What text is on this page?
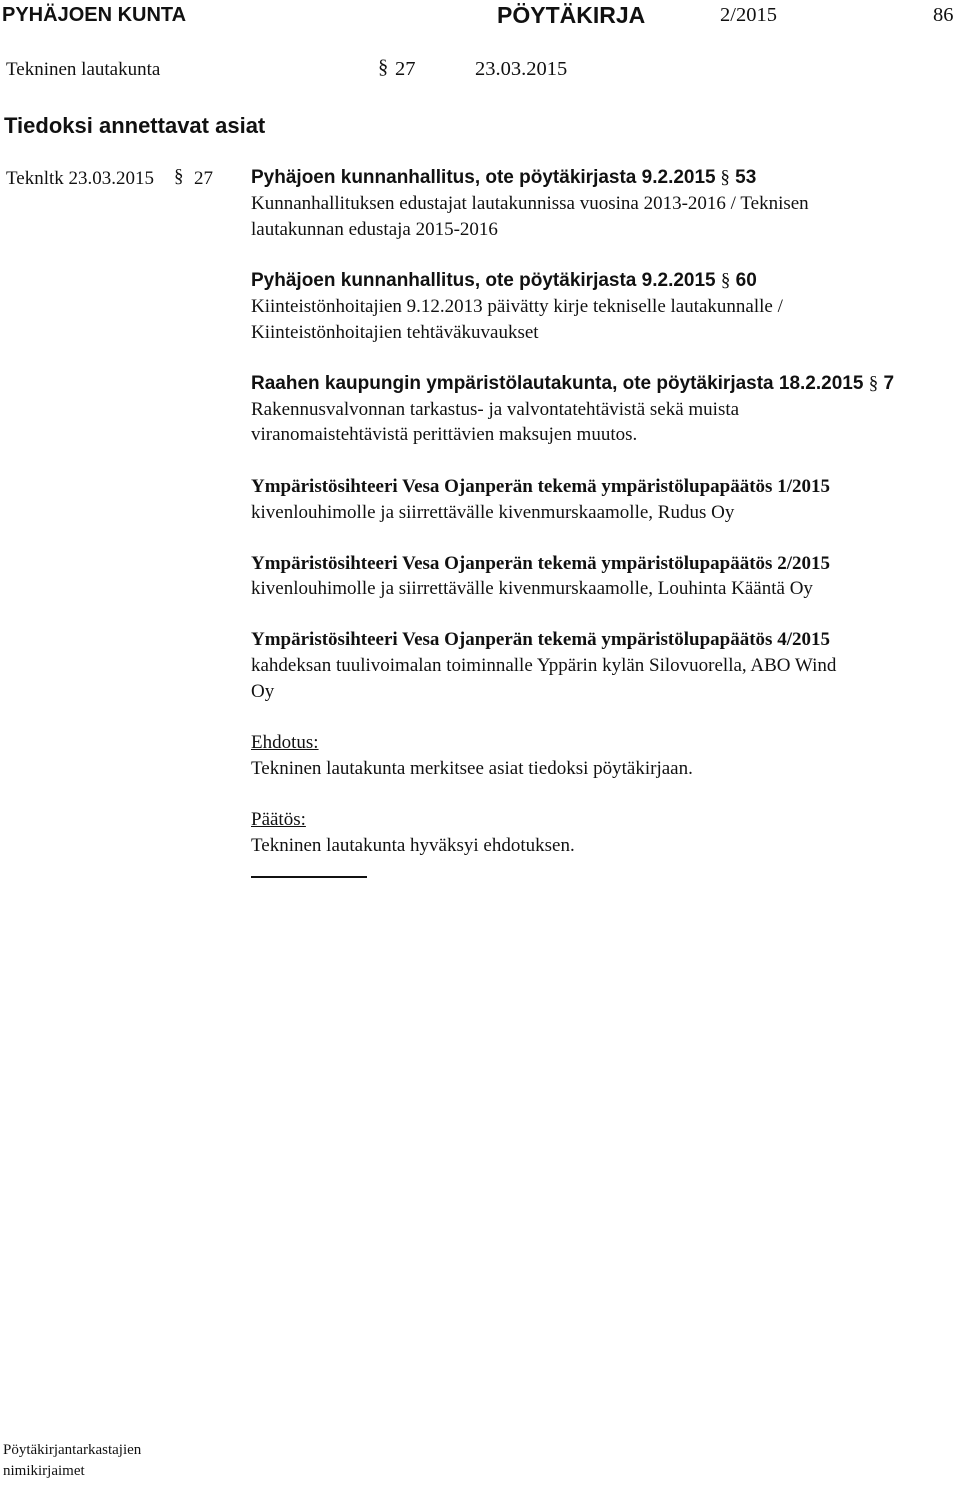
PYHÄJOEN KUNTA	PÖYTÄKIRJA	2/2015	86
Tekninen lautakunta	§ 27	23.03.2015
Tiedoksi annettavat asiat
Teknltk 23.03.2015 § 27 Pyhäjoen kunnanhallitus, ote pöytäkirjasta 9.2.2015 § 53
Kunnanhallituksen edustajat lautakunnissa vuosina 2013-2016 / Teknisen
lautakunnan edustaja 2015-2016
Pyhäjoen kunnanhallitus, ote pöytäkirjasta 9.2.2015 § 60
Kiinteistönhoitajien 9.12.2013 päivätty kirje tekniselle lautakunnalle /
Kiinteistönhoitajien tehtäväkuvaukset
Raahen kaupungin ympäristölautakunta, ote pöytäkirjasta 18.2.2015 § 7
Rakennusvalvonnan tarkastus- ja valvontatehtävistä sekä muista
viranomaistehtävistä perittävien maksujen muutos.
Ympäristösihteeri Vesa Ojanperän tekemä ympäristölupapäätös 1/2015
kivenlouhimolle ja siirrettävälle kivenmurskaamolle, Rudus Oy
Ympäristösihteeri Vesa Ojanperän tekemä ympäristölupapäätös 2/2015
kivenlouhimolle ja siirrettävälle kivenmurskaamolle, Louhinta Kääntä Oy
Ympäristösihteeri Vesa Ojanperän tekemä ympäristölupapäätös 4/2015
kahdeksan tuulivoimalan toiminnalle Yppärin kylän Silovuorella, ABO Wind
Oy
Ehdotus:
Tekninen lautakunta merkitsee asiat tiedoksi pöytäkirjaan.
Päätös:
Tekninen lautakunta hyväksyi ehdotuksen.
Pöytäkirjantarkastajien
nimikirjaimet
